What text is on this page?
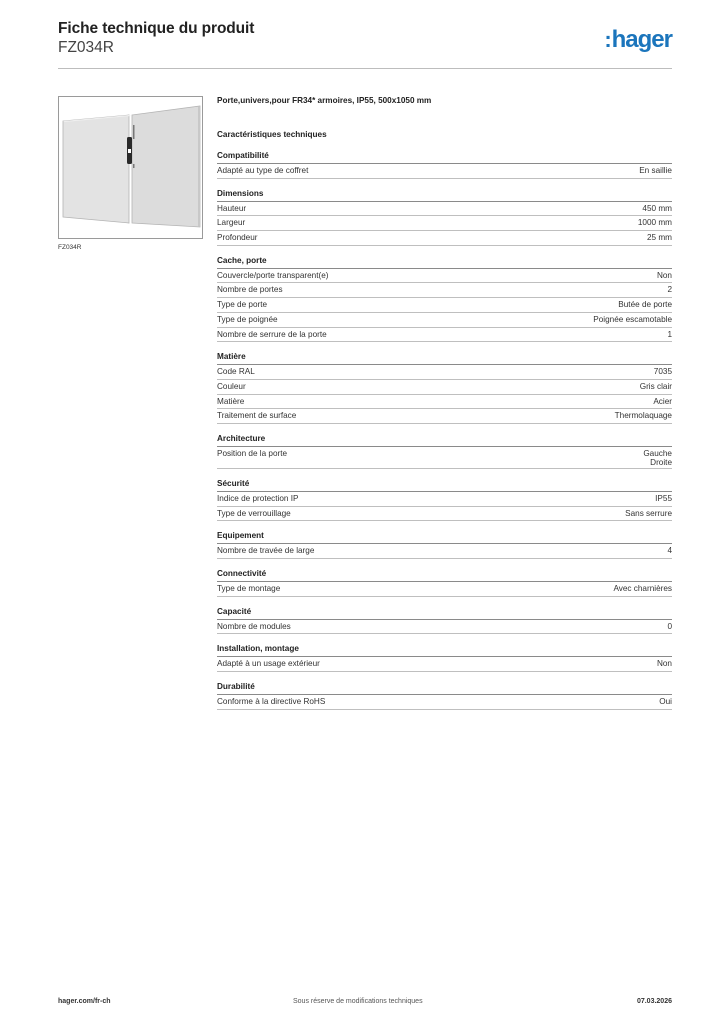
Fiche technique du produit
FZ034R	:hager
FZ034R
Porte,univers,pour FR34* armoires, IP55, 500x1050 mm
Caractéristiques techniques
Compatibilité
Adapté au type de coffret	En saillie
Dimensions
Hauteur	450 mm
Largeur	1000 mm
Profondeur	25 mm
Cache, porte
Couvercle/porte transparent(e)	Non
Nombre de portes	2
Type de porte	Butée de porte
Type de poignée	Poignée escamotable
Nombre de serrure de la porte	1
Matière
Code RAL	7035
Couleur	Gris clair
Matière	Acier
Traitement de surface	Thermolaquage
Architecture
Position de la porte	Gauche
Droite
Sécurité
Indice de protection IP	IP55
Type de verrouillage	Sans serrure
Equipement
Nombre de travée de large	4
Connectivité
Type de montage	Avec charnières
Capacité
Nombre de modules	0
Installation, montage
Adapté à un usage extérieur	Non
Durabilité
Conforme à la directive RoHS	Oui
hager.com/fr-ch	Sous réserve de modifications techniques	07.03.2026
